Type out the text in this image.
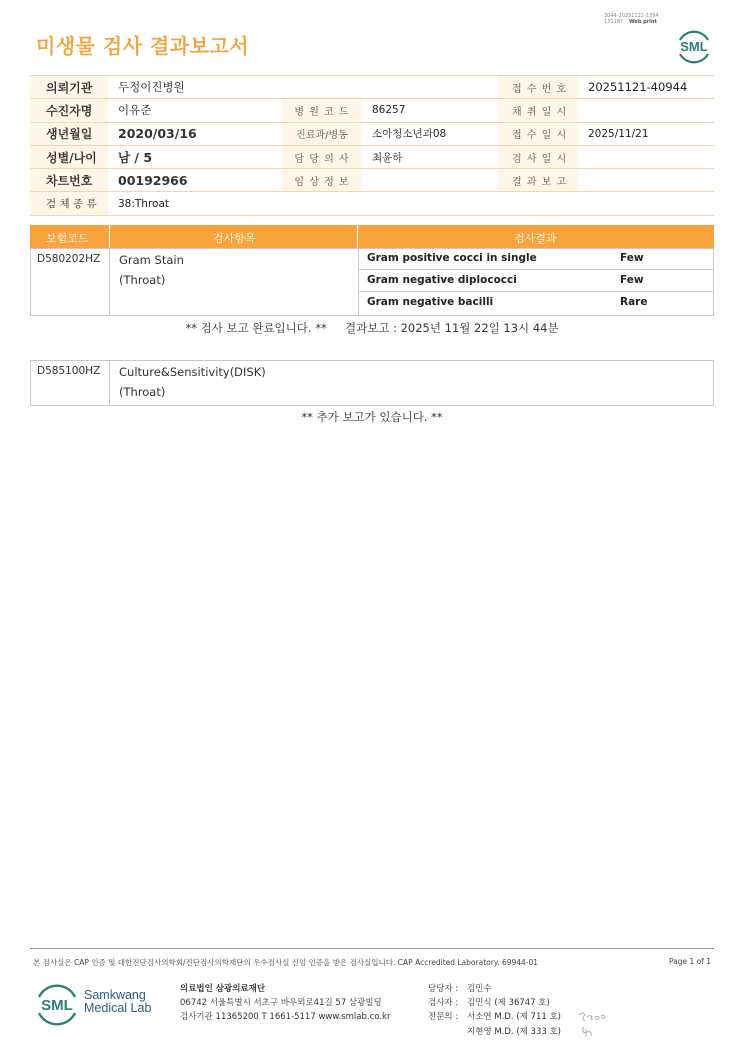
미생물 검사 결과보고서
3044-20251122-1354
131187 Web print
SML
의뢰기관	두정이진병원			접 수 번 호	20251121-40944
수진자명	이유준	병 원 코 드	86257	채 취 일 시	
생년월일	2020/03/16	진료과/병동	소아청소년과08	접 수 일 시	2025/11/21
성별/나이	남 / 5	담 당 의 사	최윤하	검 사 일 시	
차트번호	00192966	임 상 정 보		결 과 보 고	
검 체 종 류	38:Throat				
보험코드	검사항목	검사결과
D580202HZ Gram Stain
(Throat)
Gram positive cocci in single	Few
Gram negative diplococci	Few
Gram negative bacilli	Rare
** 검사 보고 완료입니다. **     결과보고 : 2025년 11월 22일 13시 44분
D585100HZ Culture&Sensitivity(DISK)
(Throat)
** 추가 보고가 있습니다. **
본 검사실은 CAP 인증 및 대한진단검사의학회/진단검사의학재단의 우수검사실 신임 인증을 받은 검사실입니다. CAP Accredited Laboratory. 69944-01	Page 1 of 1
SML
Samkwang
Medical Lab
의료법인 삼광의료재단
06742 서울특별시 서초구 바우뫼로41길 57 삼광빌딩
검사기관 11365200 T 1661-5117 www.smlab.co.kr
담당자 : 김민수
검사자 : 김민식 (제 36747 호)
전문의 : 서소연 M.D. (제 711 호)
지현영 M.D. (제 333 호)
